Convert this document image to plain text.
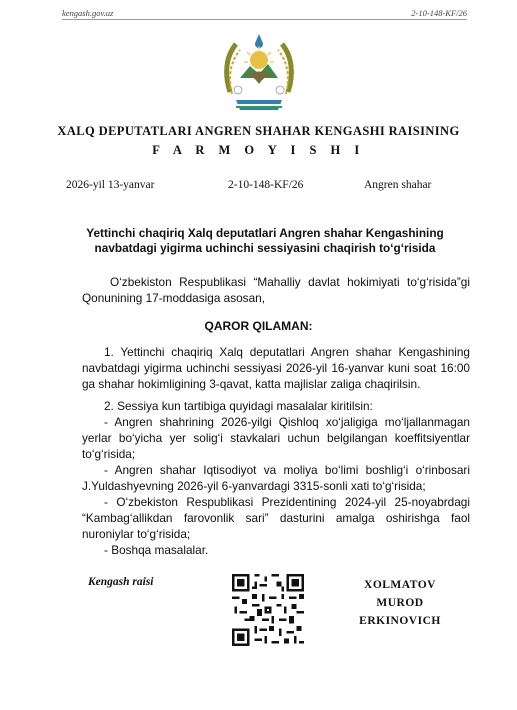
kengash.gov.uz	2-10-148-KF/26
XALQ DEPUTATLARI ANGREN SHAHAR KENGASHI RAISINING
F A R M O Y I S H I
2026-yil 13-yanvar	2-10-148-KF/26	Angren shahar
Yettinchi chaqiriq Xalq deputatlari Angren shahar Kengashining
navbatdagi yigirma uchinchi sessiyasini chaqirish to‘g‘risida

O‘zbekiston Respublikasi “Mahalliy davlat hokimiyati to‘g‘risida”gi Qonunining 17-moddasiga asosan,

QAROR QILAMAN:

1. Yettinchi chaqiriq Xalq deputatlari Angren shahar Kengashining navbatdagi yigirma uchinchi sessiyasi 2026-yil 16-yanvar kuni soat 16:00 ga shahar hokimligining 3-qavat, katta majlislar zaliga chaqirilsin.

2. Sessiya kun tartibiga quyidagi masalalar kiritilsin:

- Angren shahrining 2026-yilgi Qishloq xo‘jaligiga mo‘ljallanmagan yerlar bo‘yicha yer solig‘i stavkalari uchun belgilangan koeffitsiyentlar to‘g‘risida;

- Angren shahar Iqtisodiyot va moliya bo‘limi boshlig‘i o‘rinbosari J.Yuldashyevning 2026-yil 6-yanvardagi 3315-sonli xati to‘g‘risida;

- O‘zbekiston Respublikasi Prezidentining 2024-yil 25-noyabrdagi “Kambag‘allikdan farovonlik sari” dasturini amalga oshirishga faol nuroniylar to‘g‘risida;

- Boshqa masalalar.

Kengash raisi	XOLMATOV
MUROD
ERKINOVICH
